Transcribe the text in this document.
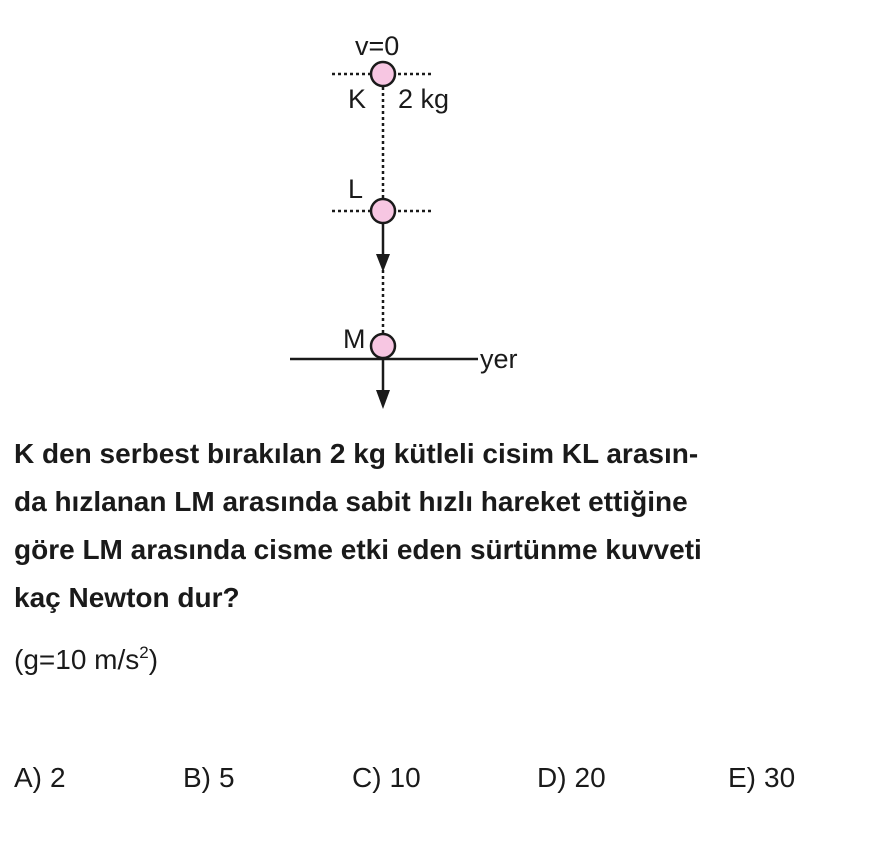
v=0
K 2 kg
L
M
yer

K den serbest bırakılan 2 kg kütleli cisim KL arasın-
da hızlanan LM arasında sabit hızlı hareket ettiğine
göre LM arasında cisme etki eden sürtünme kuvveti
kaç Newton dur?

(g=10 $m/s^2$)
A) 2	B) 5	C) 10	D) 20	E) 30
